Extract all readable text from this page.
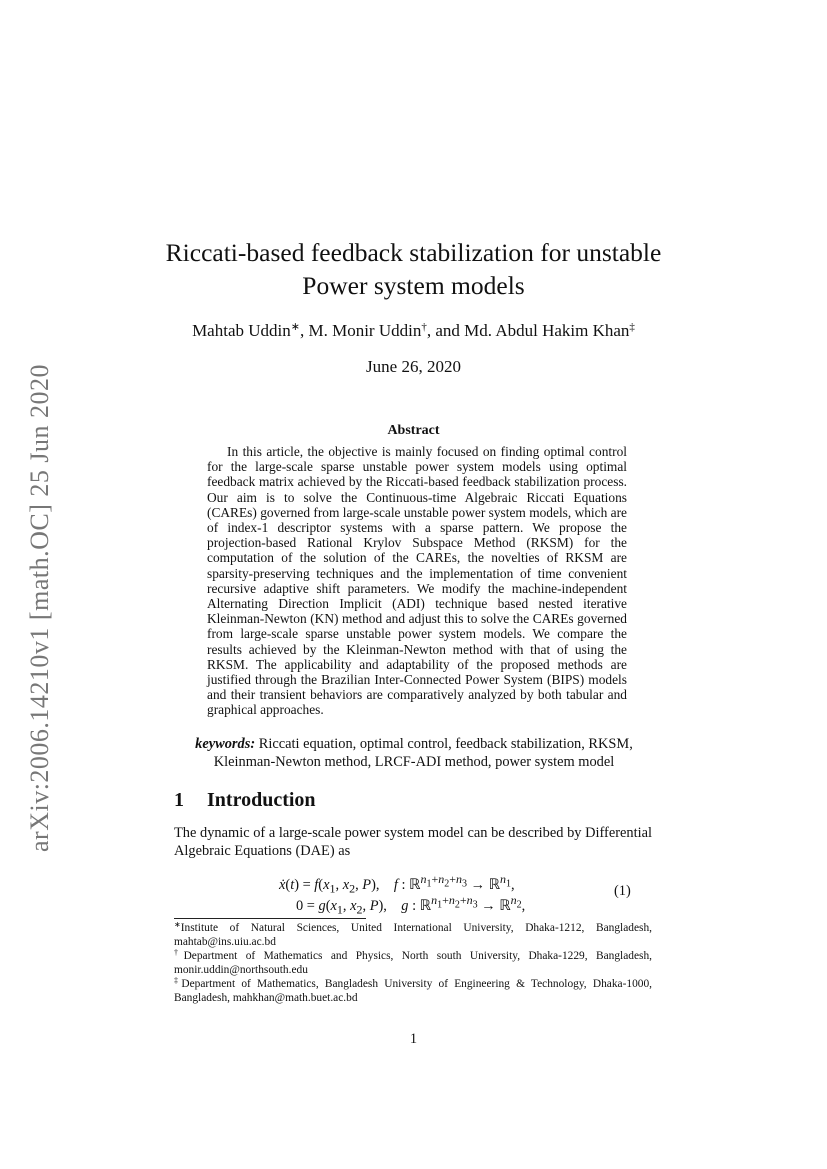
arXiv:2006.14210v1 [math.OC] 25 Jun 2020
Riccati-based feedback stabilization for unstable
Power system models
Mahtab Uddin∗, M. Monir Uddin†, and Md. Abdul Hakim Khan‡
June 26, 2020
Abstract
In this article, the objective is mainly focused on finding optimal control for the large-scale sparse unstable power system models using optimal feedback matrix achieved by the Riccati-based feedback stabilization process. Our aim is to solve the Continuous-time Algebraic Riccati Equations (CAREs) governed from large-scale unstable power system models, which are of index-1 descriptor systems with a sparse pattern. We propose the projection-based Rational Krylov Subspace Method (RKSM) for the computation of the solution of the CAREs, the novelties of RKSM are sparsity-preserving techniques and the implementation of time convenient recursive adaptive shift parameters. We modify the machine-independent Alternating Direction Implicit (ADI) technique based nested iterative Kleinman-Newton (KN) method and adjust this to solve the CAREs governed from large-scale sparse unstable power system models. We compare the results achieved by the Kleinman-Newton method with that of using the RKSM. The applicability and adaptability of the proposed methods are justified through the Brazilian Inter-Connected Power System (BIPS) models and their transient behaviors are comparatively analyzed by both tabular and graphical approaches.
keywords: Riccati equation, optimal control, feedback stabilization, RKSM, Kleinman-Newton method, LRCF-ADI method, power system model
1 Introduction
The dynamic of a large-scale power system model can be described by Differential Algebraic Equations (DAE) as
ẋ(t) = $f(x_1$, $x_2$, P),    f : ℝ$^{n_1+n_2+n_3}$ → ℝ$^{n_1}$,
$0 = g(x_1$, $x_2$, P),    g : ℝ$^{n_1+n_2+n_3}$ → ℝ$^{n_2}$,
(1)
∗Institute of Natural Sciences, United International University, Dhaka-1212, Bangladesh, mahtab@ins.uiu.ac.bd
†Department of Mathematics and Physics, North south University, Dhaka-1229, Bangladesh, monir.uddin@northsouth.edu
‡Department of Mathematics, Bangladesh University of Engineering & Technology, Dhaka-1000, Bangladesh, mahkhan@math.buet.ac.bd
1
